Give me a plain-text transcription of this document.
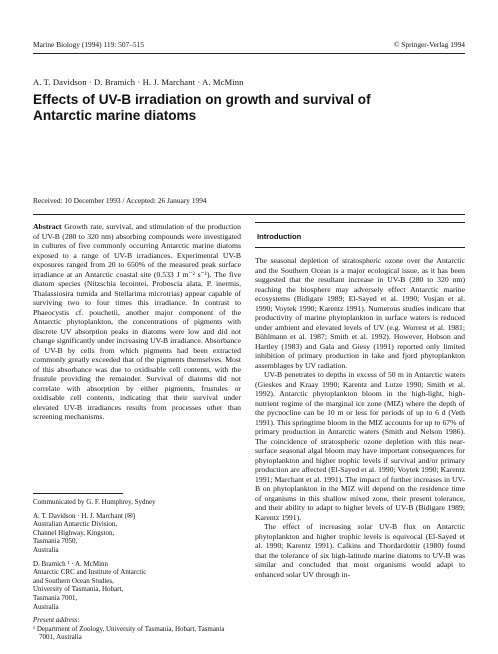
Marine Biology (1994) 119: 507–515	© Springer-Verlag 1994
A. T. Davidson · D. Bramich · H. J. Marchant · A. McMinn
Effects of UV-B irradiation on growth and survival of
Antarctic marine diatoms
Received: 10 December 1993 / Accepted: 26 January 1994

Abstract Growth rate, survival, and stimulation of the production of UV-B (280 to 320 nm) absorbing compounds were investigated in cultures of five commonly occurring Antarctic marine diatoms exposed to a range of UV-B irradiances. Experimental UV-B exposures ranged from 20 to 650% of the measured peak surface irradiance at an Antarctic coastal site (0.533 J m⁻² s⁻¹). The five diatom species (Nitzschia lecointei, Proboscia alata, P. inermis, Thalassiosira tumida and Stellarima microtrias) appear capable of surviving two to four times this irradiance. In contrast to Phaeocystis cf. pouchetii, another major component of the Antarctic phytoplankton, the concentrations of pigments with discrete UV absorption peaks in diatoms were low and did not change significantly under increasing UV-B irradiance. Absorbance of UV-B by cells from which pigments had been extracted commonly greatly exceeded that of the pigments themselves. Most of this absorbance was due to oxidisable cell contents, with the frustule providing the remainder. Survival of diatoms did not correlate with absorption by either pigments, frustules or oxidisable cell contents, indicating that their survival under elevated UV-B irradiances results from processes other than screening mechanisms.

Communicated by G. F. Humphrey, Sydney
A. T. Davidson · H. J. Marchant (✉)
Australian Antarctic Division,
Channel Highway, Kingston,
Tasmania 7050,
Australia
D. Bramich ¹ · A. McMinn
Antarctic CRC and Institute of Antarctic
and Southern Ocean Studies,
University of Tasmania, Hobart,
Tasmania 7001,
Australia
Present address:
¹ Department of Zoology, University of Tasmania, Hobart, Tasmania 7001, Australia
Introduction

The seasonal depletion of stratospheric ozone over the Antarctic and the Southern Ocean is a major ecological issue, as it has been suggested that the resultant increase in UV-B (280 to 320 nm) reaching the biosphere may adversely effect Antarctic marine ecosystems (Bidigare 1989; El-Sayed et al. 1990; Vosjan et al. 1990; Voytek 1990; Karentz 1991). Numerous studies indicate that productivity of marine phytoplankton in surface waters is reduced under ambient and elevated levels of UV (e.g. Worrest et al. 1981; Bühlmann et al. 1987; Smith et al. 1992). However, Hobson and Hartley (1983) and Gala and Giesy (1991) reported only limited inhibition of primary production in lake and fjord phytoplankton assemblages by UV radiation.

UV-B penetrates to depths in excess of 50 m in Antarctic waters (Gieskes and Kraay 1990; Karentz and Lutze 1990; Smith et al. 1992). Antarctic phytoplankton bloom in the high-light, high-nutrient regime of the marginal ice zone (MIZ) where the depth of the pycnocline can be 10 m or less for periods of up to 6 d (Veth 1991). This springtime bloom in the MIZ accounts for up to 67% of primary production in Antarctic waters (Smith and Nelson 1986). The coincidence of stratospheric ozone depletion with this near-surface seasonal algal bloom may have important consequences for phytoplankton and higher trophic levels if survival and/or primary production are affected (El-Sayed et al. 1990; Voytek 1990; Karentz 1991; Marchant et al. 1991). The impact of further increases in UV-B on phytoplankton in the MIZ will depend on the residence time of organisms in this shallow mixed zone, their present tolerance, and their ability to adapt to higher levels of UV-B (Bidigare 1989; Karentz 1991).

The effect of increasing solar UV-B flux on Antarctic phytoplankton and higher trophic levels is equivocal (El-Sayed et al. 1990; Karentz 1991). Calkins and Thordardottir (1980) found that the tolerance of six high-latitude marine diatoms to UV-B was similar and concluded that most organisms would adapt to enhanced solar UV through in-
